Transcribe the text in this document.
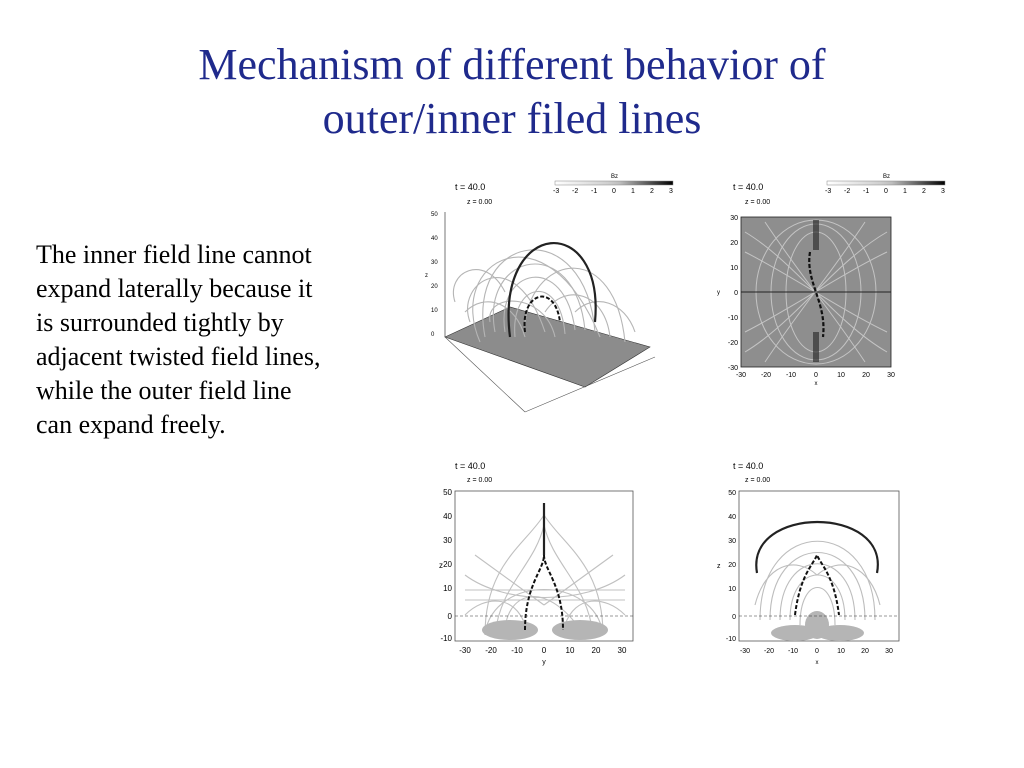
Mechanism of different behavior of
outer/inner filed lines
The inner field line cannot
expand laterally because it
is surrounded tightly by
adjacent twisted field lines,
while the outer field line
can expand freely.
t = 40.0
z = 0.00
Bz
-3 -2 -1 0 1 2 3
50
40
30
20
10
0
z
t = 40.0
z = 0.00
Bz
-3 -2 -1 0 1 2 3
-30 -20 -10	0	10 20 30
x
30
20
10
0
-10
-20
-30
y
t = 40.0
z = 0.00
50
40
30
20
10
0
-10
z
-30 -20 -10 0 10 20 30
y
t = 40.0
z = 0.00
50
40
30
20
10
0
-10
z
-30 -20 -10 0	10 20 30
x
